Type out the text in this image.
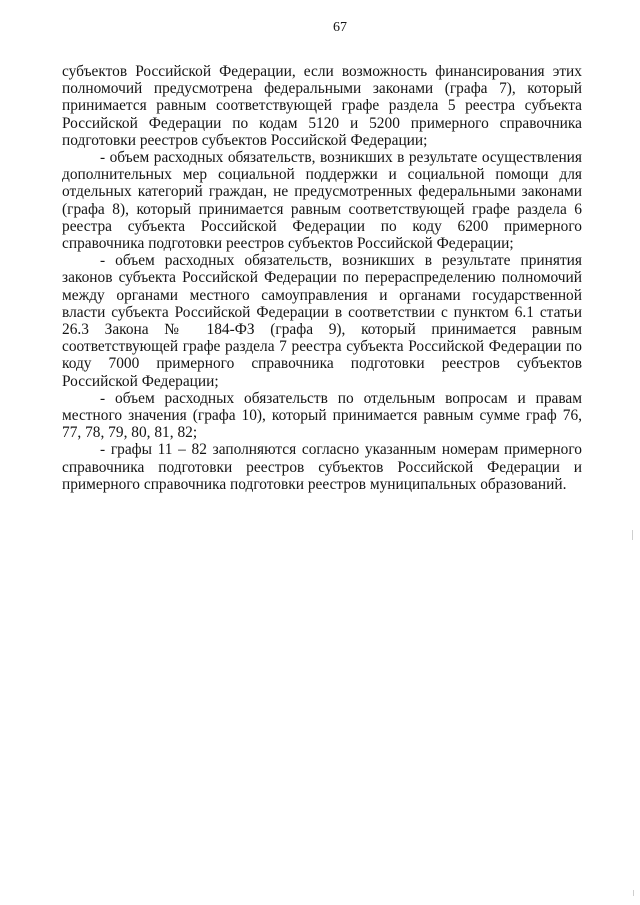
67

субъектов Российской Федерации, если возможность финансирования этих полномочий предусмотрена федеральными законами (графа 7), который принимается равным соответствующей графе раздела 5 реестра субъекта Российской Федерации по кодам 5120 и 5200 примерного справочника подготовки реестров субъектов Российской Федерации;

- объем расходных обязательств, возникших в результате осуществления дополнительных мер социальной поддержки и социальной помощи для отдельных категорий граждан, не предусмотренных федеральными законами (графа 8), который принимается равным соответствующей графе раздела 6 реестра субъекта Российской Федерации по коду 6200 примерного справочника подготовки реестров субъектов Российской Федерации;

- объем расходных обязательств, возникших в результате принятия законов субъекта Российской Федерации по перераспределению полномочий между органами местного самоуправления и органами государственной власти субъекта Российской Федерации в соответствии с пунктом 6.1 статьи 26.3 Закона № 184-ФЗ (графа 9), который принимается равным соответствующей графе раздела 7 реестра субъекта Российской Федерации по коду 7000 примерного справочника подготовки реестров субъектов Российской Федерации;

- объем расходных обязательств по отдельным вопросам и правам местного значения (графа 10), который принимается равным сумме граф 76, 77, 78, 79, 80, 81, 82;

- графы 11 – 82 заполняются согласно указанным номерам примерного справочника подготовки реестров субъектов Российской Федерации и примерного справочника подготовки реестров муниципальных образований.
